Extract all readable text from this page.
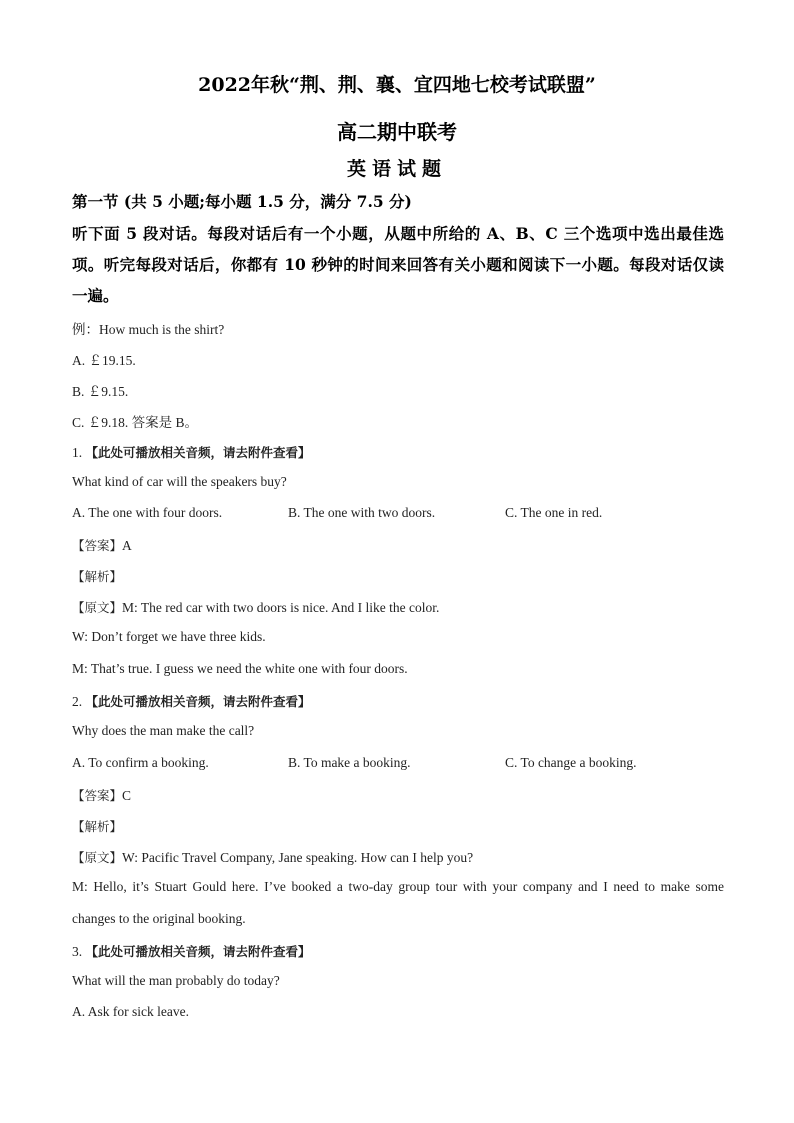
2022年秋“荆、荆、襄、宜四地七校考试联盟”
高二期中联考
英语试题
第一节 (共 5 小题;每小题 1.5 分，满分 7.5 分)
听下面 5 段对话。每段对话后有一个小题，从题中所给的 A、B、C 三个选项中选出最佳选项。听完每段对话后，你都有 10 秒钟的时间来回答有关小题和阅读下一小题。每段对话仅读一遍。
例：How much is the shirt?
A. ￡19.15.
B. ￡9.15.
C. ￡9.18. 答案是 B。
1. 【此处可播放相关音频，请去附件查看】
What kind of car will the speakers buy?
A. The one with four doors.	B. The one with two doors.	C. The one in red.
【答案】A
【解析】
【原文】M: The red car with two doors is nice. And I like the color.
W: Don’t forget we have three kids.
M: That’s true. I guess we need the white one with four doors.
2. 【此处可播放相关音频，请去附件查看】
Why does the man make the call?
A. To confirm a booking.	B. To make a booking.	C. To change a booking.
【答案】C
【解析】
【原文】W: Pacific Travel Company, Jane speaking. How can I help you?
M: Hello, it’s Stuart Gould here. I’ve booked a two-day group tour with your company and I need to make some
changes to the original booking.
3. 【此处可播放相关音频，请去附件查看】
What will the man probably do today?
A. Ask for sick leave.
